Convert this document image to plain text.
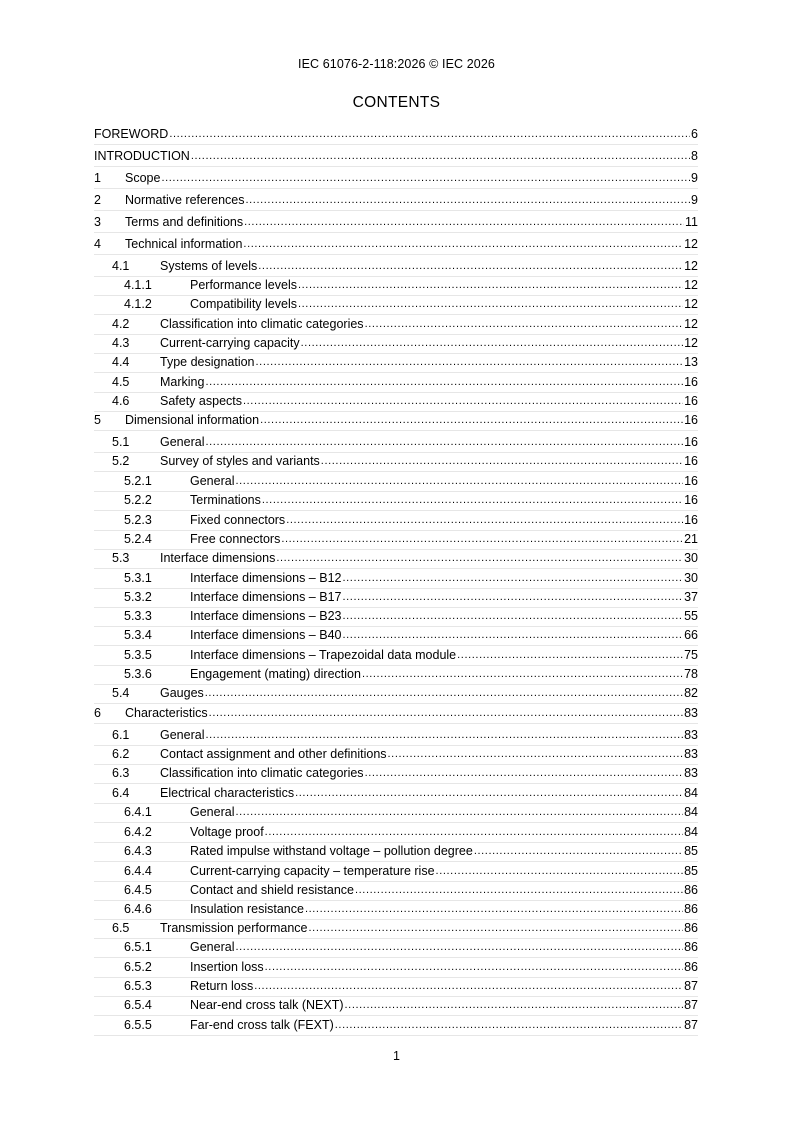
IEC 61076-2-118:2026 © IEC 2026
CONTENTS
FOREWORD .....	6
INTRODUCTION .....	8
1 Scope .....	9
2 Normative references .....	9
3 Terms and definitions .....	11
4 Technical information .....	12
4.1 Systems of levels .....	12
4.1.1	Performance levels .....	12
4.1.2	Compatibility levels .....	12
4.2 Classification into climatic categories .....	12
4.3 Current-carrying capacity .....	12
4.4 Type designation .....	13
4.5 Marking .....	16
4.6 Safety aspects .....	16
5 Dimensional information .....	16
5.1 General .....	16
5.2 Survey of styles and variants .....	16
5.2.1	General .....	16
5.2.2	Terminations .....	16
5.2.3	Fixed connectors .....	16
5.2.4	Free connectors .....	21
5.3 Interface dimensions .....	30
5.3.1	Interface dimensions – B12 .....	30
5.3.2	Interface dimensions – B17 .....	37
5.3.3	Interface dimensions – B23 .....	55
5.3.4	Interface dimensions – B40 .....	66
5.3.5	Interface dimensions – Trapezoidal data module .....	75
5.3.6	Engagement (mating) direction .....	78
5.4 Gauges .....	82
6 Characteristics .....	83
6.1 General .....	83
6.2 Contact assignment and other definitions .....	83
6.3 Classification into climatic categories .....	83
6.4 Electrical characteristics .....	84
6.4.1	General .....	84
6.4.2	Voltage proof .....	84
6.4.3	Rated impulse withstand voltage – pollution degree .....	85
6.4.4	Current-carrying capacity – temperature rise .....	85
6.4.5	Contact and shield resistance .....	86
6.4.6	Insulation resistance .....	86
6.5 Transmission performance .....	86
6.5.1	General .....	86
6.5.2	Insertion loss .....	86
6.5.3	Return loss .....	87
6.5.4	Near-end cross talk (NEXT) .....	87
6.5.5	Far-end cross talk (FEXT) .....	87
1
